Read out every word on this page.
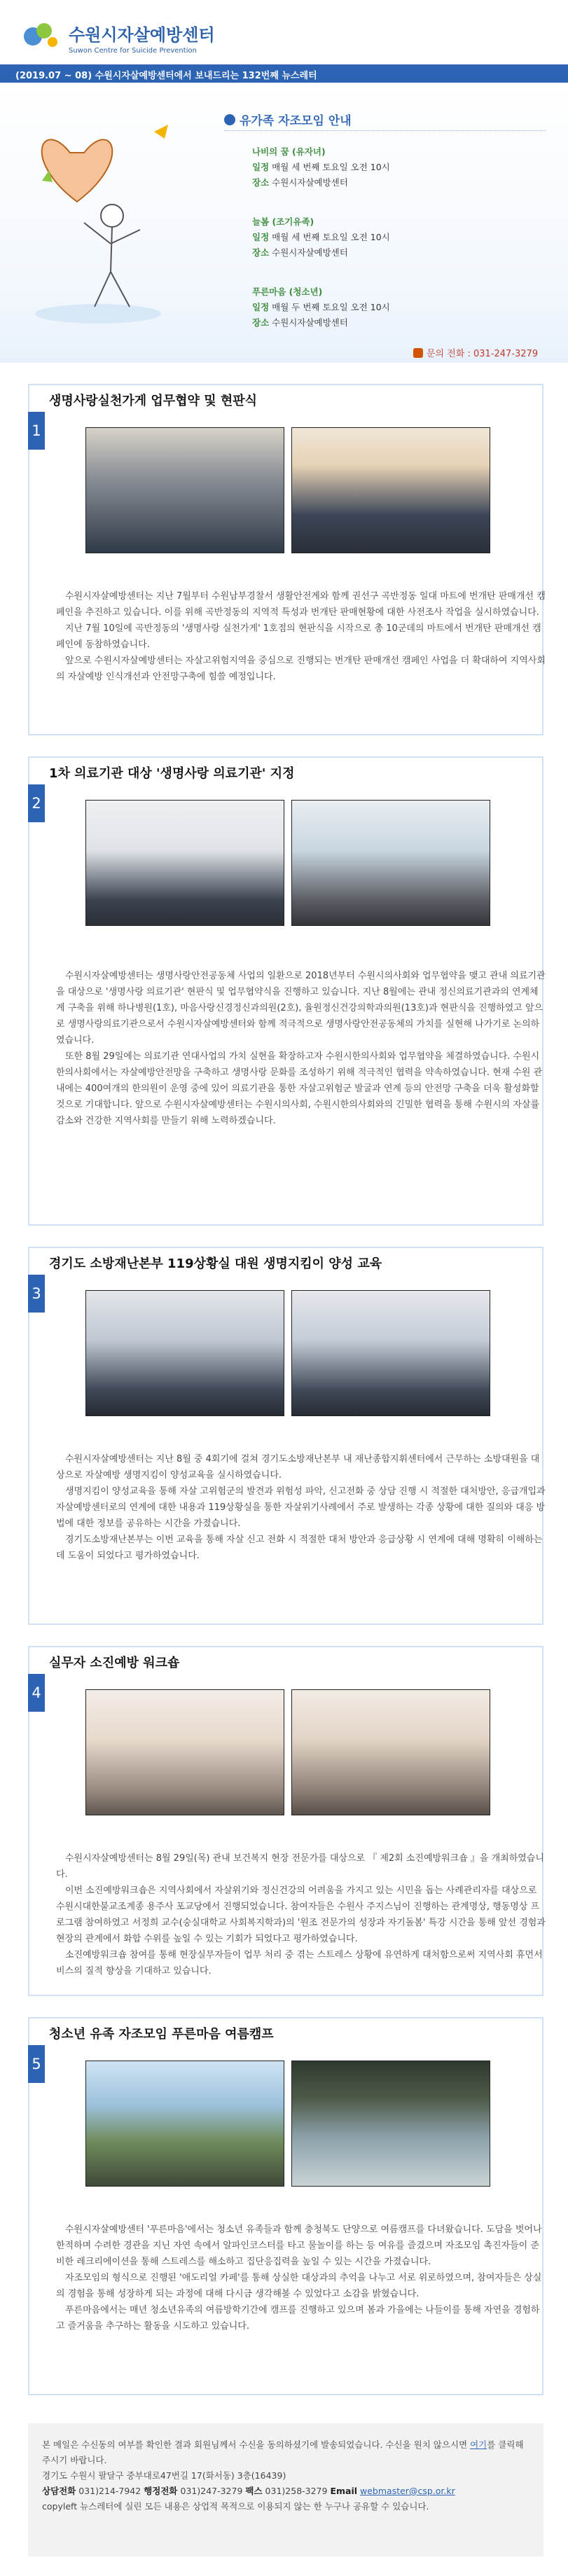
수원시자살예방센터
Suwon Centre for Suicide Prevention
(2019.07 ~ 08) 수원시자살예방센터에서 보내드리는 132번째 뉴스레터
유가족 자조모임 안내
나비의 꿈 (유자녀)
일정 매월 세 번째 토요일 오전 10시
장소 수원시자살예방센터
늘봄 (조기유족)
일정 매월 세 번째 토요일 오전 10시
장소 수원시자살예방센터
푸른마음 (청소년)
일정 매월 두 번째 토요일 오전 10시
장소 수원시자살예방센터
문의 전화 : 031-247-3279
1
생명사랑실천가게 업무협약 및 현판식

수원시자살예방센터는 지난 7월부터 수원남부경찰서 생활안전계와 함께 권선구 곡반정동 일대 마트에 번개탄 판매개선 캠페인을 추진하고 있습니다. 이를 위해 곡반정동의 지역적 특성과 번개탄 판매현황에 대한 사전조사 작업을 실시하였습니다.

지난 7월 10일에 곡반정동의 '생명사랑 실천가게' 1호점의 현판식을 시작으로 총 10군데의 마트에서 번개탄 판매개선 캠페인에 동참하였습니다.

앞으로 수원시자살예방센터는 자살고위험지역을 중심으로 진행되는 번개탄 판매개선 캠페인 사업을 더 확대하여 지역사회의 자살예방 인식개선과 안전망구축에 힘쓸 예정입니다.

2
1차 의료기관 대상 '생명사랑 의료기관' 지정

수원시자살예방센터는 생명사랑안전공동체 사업의 일환으로 2018년부터 수원시의사회와 업무협약을 맺고 관내 의료기관을 대상으로 '생명사랑 의료기관' 현판식 및 업무협약식을 진행하고 있습니다. 지난 8월에는 관내 정신의료기관과의 연계체계 구축을 위해 하나병원(1호), 마음사랑신경정신과의원(2호), 율원정신건강의학과의원(13호)과 현판식을 진행하였고 앞으로 생명사랑의료기관으로서 수원시자살예방센터와 함께 적극적으로 생명사랑안전공동체의 가치를 실현해 나가기로 논의하였습니다.

또한 8월 29일에는 의료기관 연대사업의 가치 실현을 확장하고자 수원시한의사회와 업무협약을 체결하였습니다. 수원시한의사회에서는 자살예방안전망을 구축하고 생명사랑 문화를 조성하기 위해 적극적인 협력을 약속하였습니다. 현재 수원 관내에는 400여개의 한의원이 운영 중에 있어 의료기관을 통한 자살고위험군 발굴과 연계 등의 안전망 구축을 더욱 활성화할 것으로 기대합니다. 앞으로 수원시자살예방센터는 수원시의사회, 수원시한의사회와의 긴밀한 협력을 통해 수원시의 자살률 감소와 건강한 지역사회를 만들기 위해 노력하겠습니다.

3
경기도 소방재난본부 119상황실 대원 생명지킴이 양성 교육

수원시자살예방센터는 지난 8월 중 4회기에 걸쳐 경기도소방재난본부 내 재난종합지휘센터에서 근무하는 소방대원을 대상으로 자살예방 생명지킴이 양성교육을 실시하였습니다.

생명지킴이 양성교육을 통해 자살 고위험군의 발견과 위험성 파악, 신고전화 중 상담 진행 시 적절한 대처방안, 응급개입과 자살예방센터로의 연계에 대한 내용과 119상황실을 통한 자살위기사례에서 주로 발생하는 각종 상황에 대한 질의와 대응 방법에 대한 정보를 공유하는 시간을 가졌습니다.

경기도소방재난본부는 이번 교육을 통해 자살 신고 전화 시 적절한 대처 방안과 응급상황 시 연계에 대해 명확히 이해하는데 도움이 되었다고 평가하였습니다.

4
실무자 소진예방 워크숍

수원시자살예방센터는 8월 29일(목) 관내 보건복지 현장 전문가를 대상으로 『 제2회 소진예방워크숍 』을 개최하였습니다.

이번 소진예방워크숍은 지역사회에서 자살위기와 정신건강의 어려움을 가지고 있는 시민을 돕는 사례관리자를 대상으로 수원시대한불교조계종 용주사 포교당에서 진행되었습니다. 참여자들은 수원사 주지스님이 진행하는 관계명상, 행동명상 프로그램 참여하였고 서정희 교수(숭실대학교 사회복지학과)의 '원조 전문가의 성장과 자기돌봄' 특강 시간을 통해 앞선 경험과 현장의 관계에서 화합 수위를 높일 수 있는 기회가 되었다고 평가하였습니다.

소진예방워크숍 참여를 통해 현장실무자들이 업무 처리 중 겪는 스트레스 상황에 유연하게 대처함으로써 지역사회 휴먼서비스의 질적 향상을 기대하고 있습니다.

5
청소년 유족 자조모임 푸른마음 여름캠프

수원시자살예방센터 '푸른마음'에서는 청소년 유족들과 함께 충청북도 단양으로 여름캠프를 다녀왔습니다. 도담을 벗어나 한적하며 수려한 경관을 지닌 자연 속에서 알파인코스터를 타고 물놀이를 하는 등 여유를 즐겼으며 자조모임 촉진자들이 준비한 레크리에이션을 통해 스트레스를 해소하고 집단응집력을 높일 수 있는 시간을 가졌습니다.

자조모임의 형식으로 진행된 '애도리얼 카페'를 통해 상실한 대상과의 추억을 나누고 서로 위로하였으며, 참여자들은 상실의 경험을 통해 성장하게 되는 과정에 대해 다시금 생각해볼 수 있었다고 소감을 밝혔습니다.

푸른마음에서는 매년 청소년유족의 여름방학기간에 캠프를 진행하고 있으며 봄과 가을에는 나들이를 통해 자연을 경험하고 즐거움을 추구하는 활동을 시도하고 있습니다.

본 메일은 수신동의 여부를 확인한 결과 회원님께서 수신을 동의하셨기에 발송되었습니다. 수신을 원치 않으시면 여기를 클릭해 주시기 바랍니다.
경기도 수원시 팔달구 중부대로47번길 17(화서동) 3층(16439)
상담전화 031)214-7942 행정전화 031)247-3279 팩스 031)258-3279 Email webmaster@csp.or.kr
copyleft 뉴스레터에 실린 모든 내용은 상업적 목적으로 이용되지 않는 한 누구나 공유할 수 있습니다.
